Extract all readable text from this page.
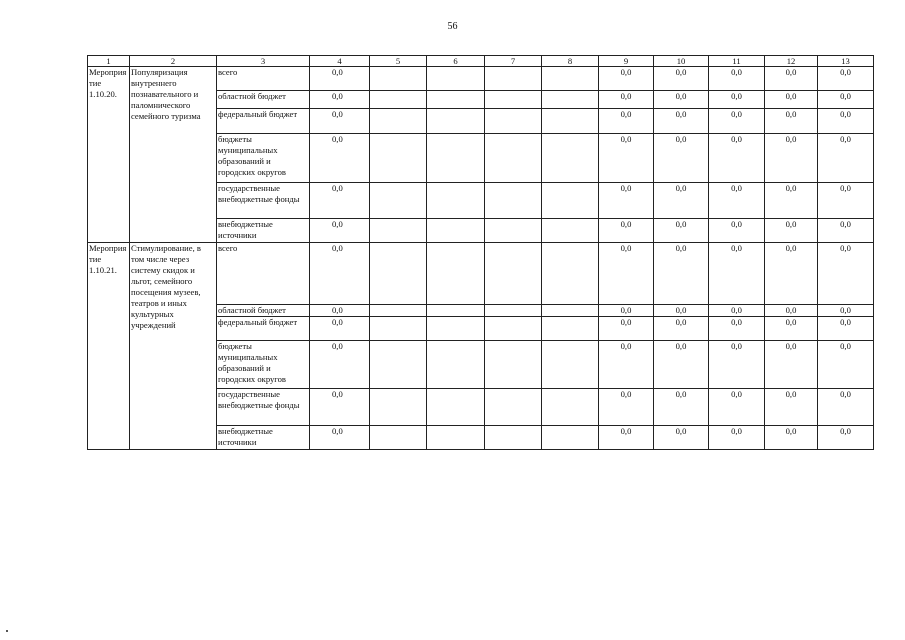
56
1	2	3	4	5	6	7	8	9	10	11	12	13
Мероприятие 1.10.20.	Популяризация внутреннего познавательного и паломнического семейного туризма	всего	0,0					0,0	0,0	0,0	0,0	0,0
		областной бюджет	0,0					0,0	0,0	0,0	0,0	0,0
		федеральный бюджет	0,0					0,0	0,0	0,0	0,0	0,0
		бюджеты муниципальных образований и городских округов	0,0					0,0	0,0	0,0	0,0	0,0
		государственные внебюджетные фонды	0,0					0,0	0,0	0,0	0,0	0,0
		внебюджетные источники	0,0					0,0	0,0	0,0	0,0	0,0
Мероприятие 1.10.21.	Стимулирование, в том числе через систему скидок и льгот, семейного посещения музеев, театров и иных культурных учреждений	всего	0,0					0,0	0,0	0,0	0,0	0,0
		областной бюджет	0,0					0,0	0,0	0,0	0,0	0,0
		федеральный бюджет	0,0					0,0	0,0	0,0	0,0	0,0
		бюджеты муниципальных образований и городских округов	0,0					0,0	0,0	0,0	0,0	0,0
		государственные внебюджетные фонды	0,0					0,0	0,0	0,0	0,0	0,0
		внебюджетные источники	0,0					0,0	0,0	0,0	0,0	0,0
